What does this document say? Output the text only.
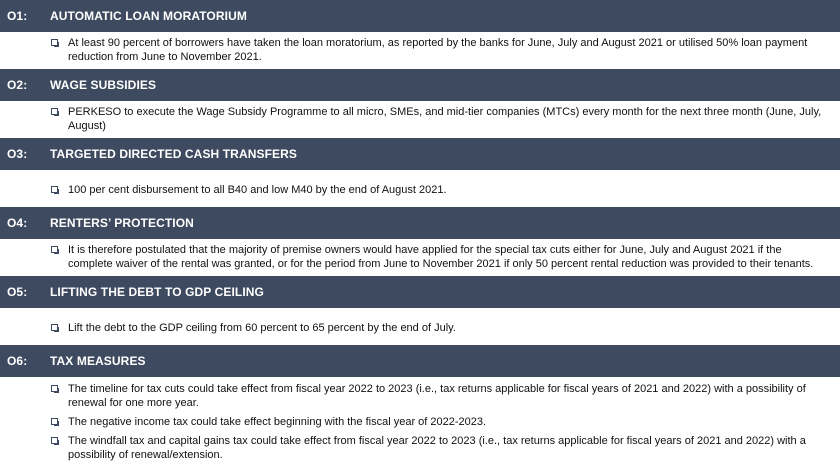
O1:	AUTOMATIC LOAN MORATORIUM
At least 90 percent of borrowers have taken the loan moratorium, as reported by the banks for June, July and August 2021 or utilised 50% loan payment reduction from June to November 2021.
O2:	WAGE SUBSIDIES
PERKESO to execute the Wage Subsidy Programme to all micro, SMEs, and mid-tier companies (MTCs) every month for the next three month (June, July, August)
O3:	TARGETED DIRECTED CASH TRANSFERS
100 per cent disbursement to all B40 and low M40 by the end of August 2021.
O4:	RENTERS’ PROTECTION
It is therefore postulated that the majority of premise owners would have applied for the special tax cuts either for June, July and August 2021 if the complete waiver of the rental was granted, or for the period from June to November 2021 if only 50 percent rental reduction was provided to their tenants.
O5:	LIFTING THE DEBT TO GDP CEILING
Lift the debt to the GDP ceiling from 60 percent to 65 percent by the end of July.
O6:	TAX MEASURES
The timeline for tax cuts could take effect from fiscal year 2022 to 2023 (i.e., tax returns applicable for fiscal years of 2021 and 2022) with a possibility of renewal for one more year.
The negative income tax could take effect beginning with the fiscal year of 2022-2023.
The windfall tax and capital gains tax could take effect from fiscal year 2022 to 2023 (i.e., tax returns applicable for fiscal years of 2021 and 2022) with a possibility of renewal/extension.
